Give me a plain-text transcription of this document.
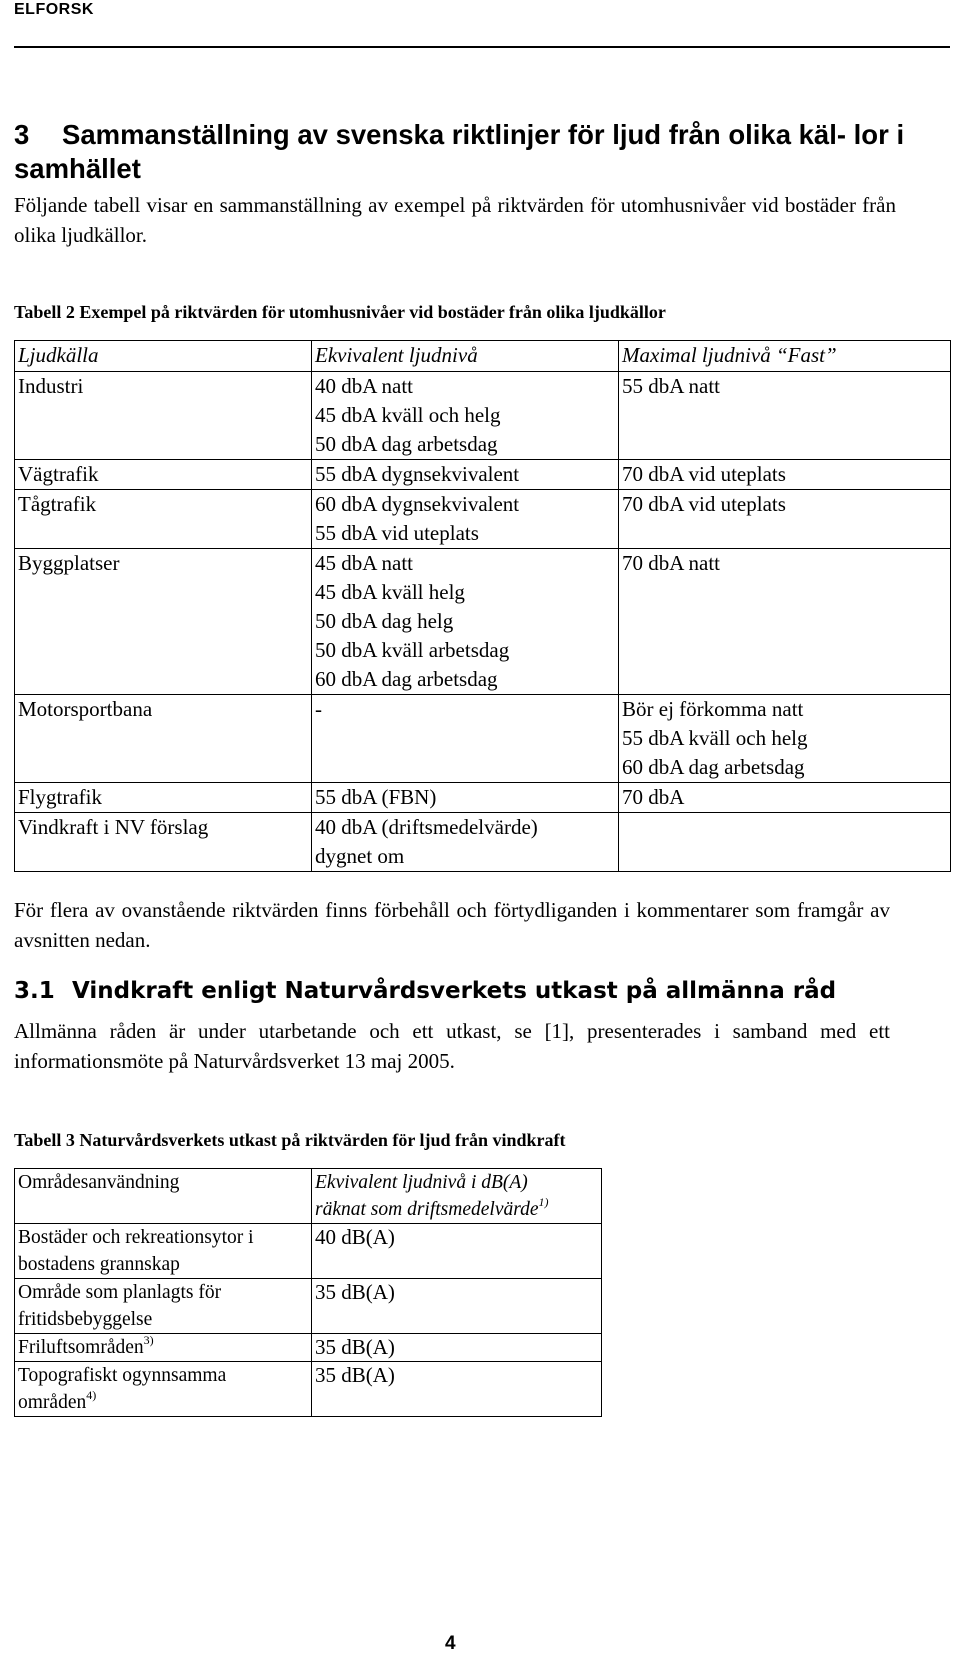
ELFORSK
3 Sammanställning av svenska riktlinjer för ljud från olika käl- lor i samhället
Följande tabell visar en sammanställning av exempel på riktvärden för utomhusnivåer vid bostäder från olika ljudkällor.
Tabell 2 Exempel på riktvärden för utomhusnivåer vid bostäder från olika ljudkällor
Ljudkälla	Ekvivalent ljudnivå	Maximal ljudnivå “Fast”
Industri	40 dbA natt
45 dbA kväll och helg
50 dbA dag arbetsdag	55 dbA natt

Vägtrafik	55 dbA dygnsekvivalent	70 dbA vid uteplats

Tågtrafik	60 dbA dygnsekvivalent
55 dbA vid uteplats	70 dbA vid uteplats

Byggplatser	45 dbA natt
45 dbA kväll helg
50 dbA dag helg
50 dbA kväll arbetsdag
60 dbA dag arbetsdag	70 dbA natt

Motorsportbana	-	Bör ej förkomma natt
55 dbA kväll och helg
60 dbA dag arbetsdag

Flygtrafik	55 dbA (FBN)	70 dbA

Vindkraft i NV förslag	40 dbA (driftsmedelvärde)
dygnet om	

För flera av ovanstående riktvärden finns förbehåll och förtydliganden i kommentarer som framgår av avsnitten nedan.
3.1 Vindkraft enligt Naturvårdsverkets utkast på allmänna råd
Allmänna råden är under utarbetande och ett utkast, se [1], presenterades i samband med ett informationsmöte på Naturvårdsverket 13 maj 2005.
Tabell 3 Naturvårdsverkets utkast på riktvärden för ljud från vindkraft
Områdesanvändning	Ekvivalent ljudnivå i dB(A)
räknat som driftsmedelvärde$^{1)}$

Bostäder och rekreationsytor i bostadens grannskap	40 dB(A)
Område som planlagts för fritidsbebyggelse	35 dB(A)
Friluftsområden$^{3)}$	35 dB(A)
Topografiskt ogynnsamma områden$^{4)}$	35 dB(A)
4
